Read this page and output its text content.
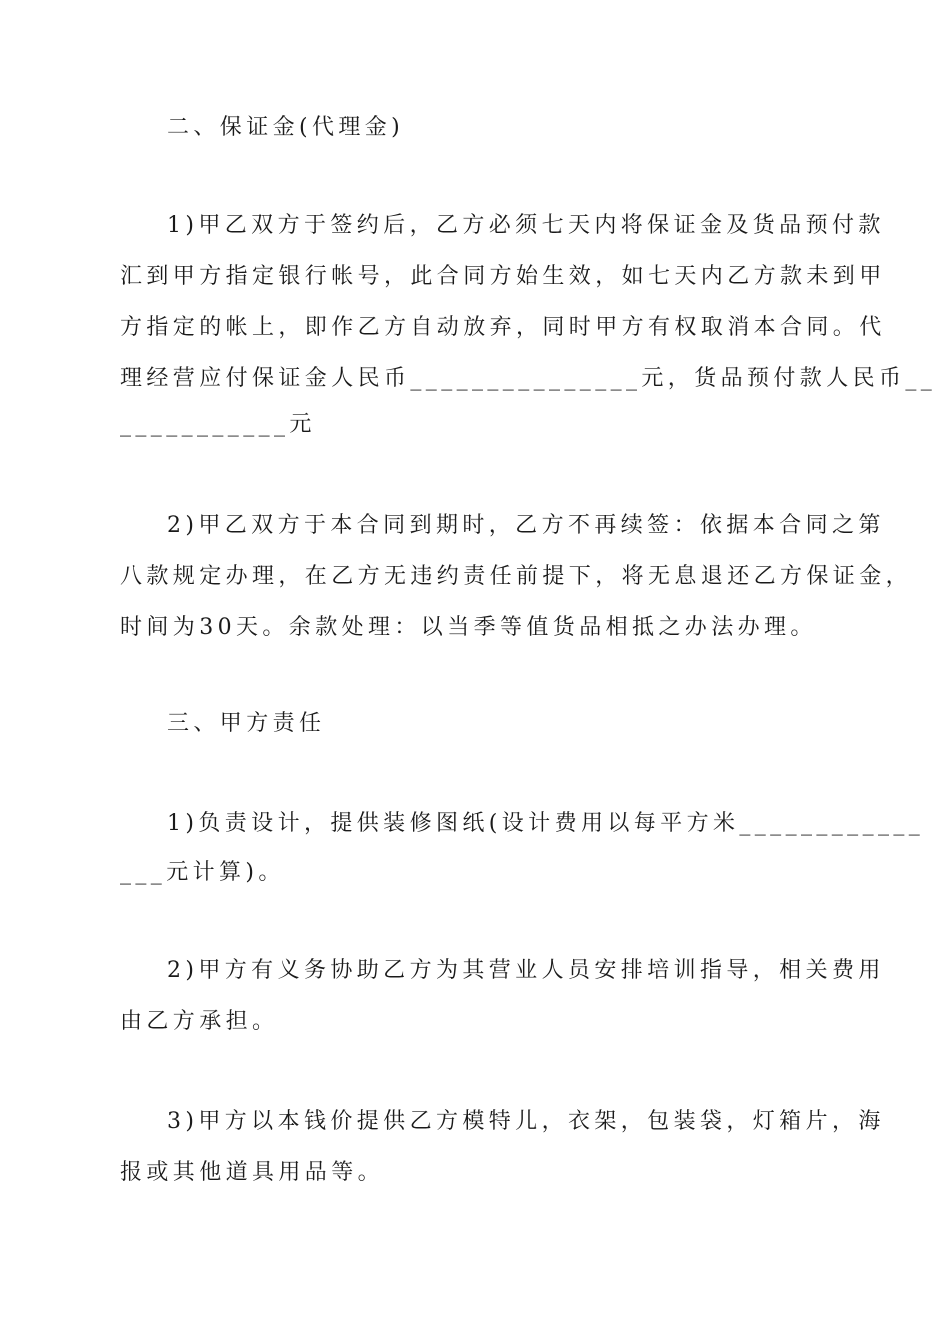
二、保证金(代理金)
1)甲乙双方于签约后，乙方必须七天内将保证金及货品预付款
汇到甲方指定银行帐号，此合同方始生效，如七天内乙方款未到甲
方指定的帐上，即作乙方自动放弃，同时甲方有权取消本合同。代
理经营应付保证金人民币_______________元，货品预付款人民币__
___________元
2)甲乙双方于本合同到期时，乙方不再续签：依据本合同之第
八款规定办理，在乙方无违约责任前提下，将无息退还乙方保证金，
时间为30天。余款处理：以当季等值货品相抵之办法办理。
三、甲方责任
1)负责设计，提供装修图纸(设计费用以每平方米____________
___元计算)。
2)甲方有义务协助乙方为其营业人员安排培训指导，相关费用
由乙方承担。
3)甲方以本钱价提供乙方模特儿，衣架，包装袋，灯箱片，海
报或其他道具用品等。
